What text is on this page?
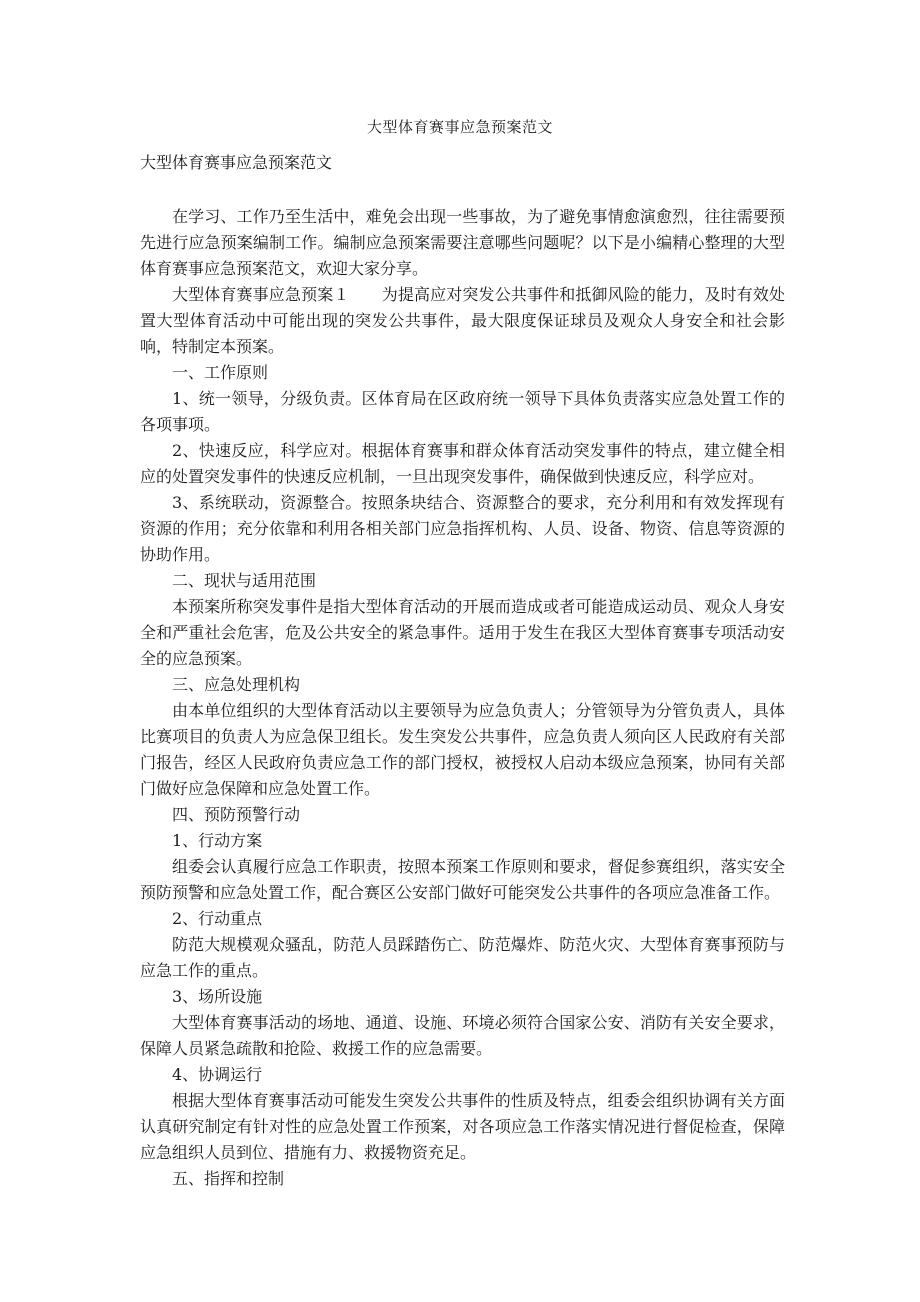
大型体育赛事应急预案范文
大型体育赛事应急预案范文

在学习、工作乃至生活中，难免会出现一些事故，为了避免事情愈演愈烈，往往需要预先进行应急预案编制工作。编制应急预案需要注意哪些问题呢？以下是小编精心整理的大型体育赛事应急预案范文，欢迎大家分享。

大型体育赛事应急预案１　　为提高应对突发公共事件和抵御风险的能力，及时有效处置大型体育活动中可能出现的突发公共事件，最大限度保证球员及观众人身安全和社会影响，特制定本预案。

一、工作原则

1、统一领导，分级负责。区体育局在区政府统一领导下具体负责落实应急处置工作的各项事项。

2、快速反应，科学应对。根据体育赛事和群众体育活动突发事件的特点，建立健全相应的处置突发事件的快速反应机制，一旦出现突发事件，确保做到快速反应，科学应对。

3、系统联动，资源整合。按照条块结合、资源整合的要求，充分利用和有效发挥现有资源的作用；充分依靠和利用各相关部门应急指挥机构、人员、设备、物资、信息等资源的协助作用。

二、现状与适用范围

本预案所称突发事件是指大型体育活动的开展而造成或者可能造成运动员、观众人身安全和严重社会危害，危及公共安全的紧急事件。适用于发生在我区大型体育赛事专项活动安全的应急预案。

三、应急处理机构

由本单位组织的大型体育活动以主要领导为应急负责人；分管领导为分管负责人，具体比赛项目的负责人为应急保卫组长。发生突发公共事件，应急负责人须向区人民政府有关部门报告，经区人民政府负责应急工作的部门授权，被授权人启动本级应急预案，协同有关部门做好应急保障和应急处置工作。

四、预防预警行动

1、行动方案

组委会认真履行应急工作职责，按照本预案工作原则和要求，督促参赛组织，落实安全预防预警和应急处置工作，配合赛区公安部门做好可能突发公共事件的各项应急准备工作。

2、行动重点

防范大规模观众骚乱，防范人员踩踏伤亡、防范爆炸、防范火灾、大型体育赛事预防与应急工作的重点。

3、场所设施

大型体育赛事活动的场地、通道、设施、环境必须符合国家公安、消防有关安全要求，保障人员紧急疏散和抢险、救援工作的应急需要。

4、协调运行

根据大型体育赛事活动可能发生突发公共事件的性质及特点，组委会组织协调有关方面认真研究制定有针对性的应急处置工作预案，对各项应急工作落实情况进行督促检查，保障应急组织人员到位、措施有力、救援物资充足。

五、指挥和控制
